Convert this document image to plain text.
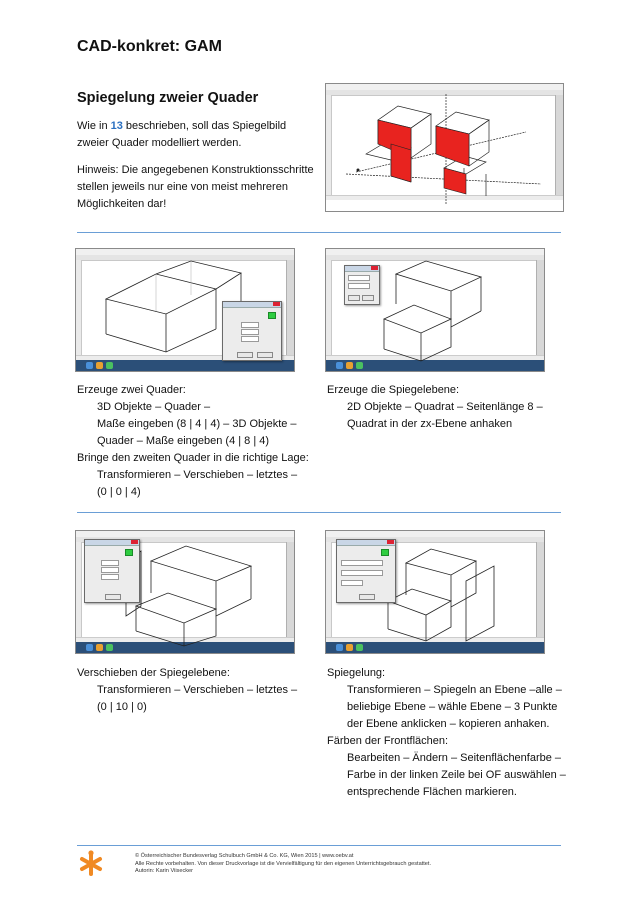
CAD-konkret: GAM
Spiegelung zweier Quader
Wie in 13 beschrieben, soll das Spiegelbild zweier Quader modelliert werden.
Hinweis: Die angegebenen Konstruktionsschritte stellen jeweils nur eine von meist mehreren Möglichkeiten dar!
Erzeuge zwei Quader:
3D Objekte – Quader –
Maße eingeben (8 | 4 | 4) – 3D Objekte –
Quader – Maße eingeben (4 | 8 | 4)
Bringe den zweiten Quader in die richtige Lage:
Transformieren – Verschieben – letztes –
(0 | 0 | 4)
Erzeuge die Spiegelebene:
2D Objekte – Quadrat – Seitenlänge 8 –
Quadrat in der zx-Ebene anhaken
Verschieben der Spiegelebene:
Transformieren – Verschieben – letztes –
(0 | 10 | 0)
Spiegelung:
Transformieren – Spiegeln an Ebene –alle –
beliebige Ebene – wähle Ebene – 3 Punkte
der Ebene anklicken – kopieren anhaken.
Färben der Frontflächen:
Bearbeiten – Ändern – Seitenflächenfarbe –
Farbe in der linken Zeile bei OF auswählen –
entsprechende Flächen markieren.
© Österreichischer Bundesverlag Schulbuch GmbH & Co. KG, Wien 2015 | www.oebv.at
Alle Rechte vorbehalten. Von dieser Druckvorlage ist die Vervielfältigung für den eigenen Unterrichtsgebrauch gestattet.
Autorin: Karin Viisecker
